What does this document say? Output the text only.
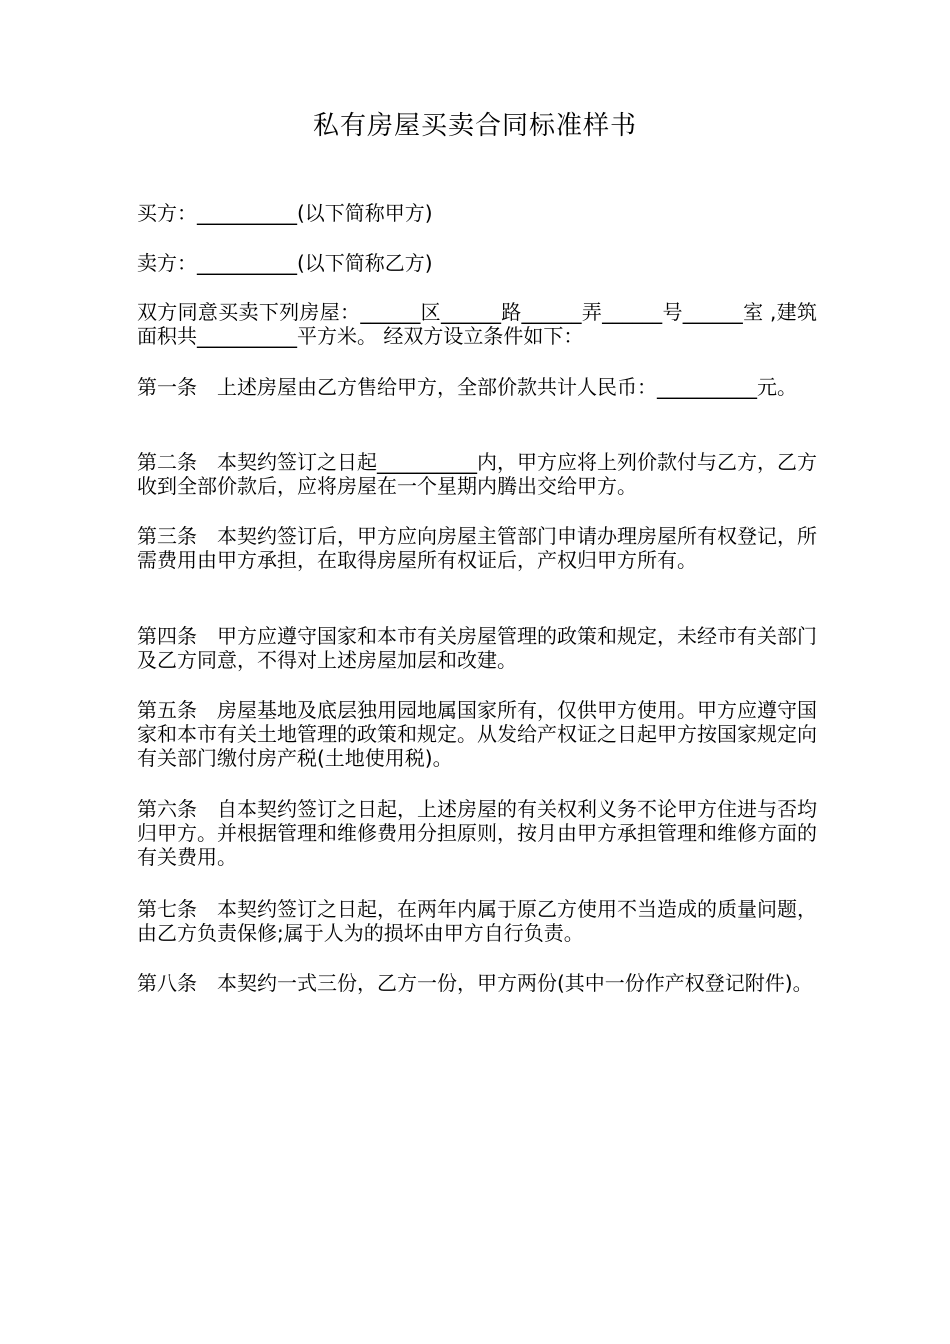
私有房屋买卖合同标准样书

买方：__________(以下简称甲方)

卖方：__________(以下简称乙方)

双方同意买卖下列房屋：______区______路______弄______号______室 ,建筑面积共__________平方米。 经双方设立条件如下：

第一条　上述房屋由乙方售给甲方，全部价款共计人民币：__________元。

第二条　本契约签订之日起__________内，甲方应将上列价款付与乙方，乙方收到全部价款后，应将房屋在一个星期内腾出交给甲方。

第三条　本契约签订后，甲方应向房屋主管部门申请办理房屋所有权登记，所需费用由甲方承担，在取得房屋所有权证后，产权归甲方所有。

第四条　甲方应遵守国家和本市有关房屋管理的政策和规定，未经市有关部门及乙方同意，不得对上述房屋加层和改建。

第五条　房屋基地及底层独用园地属国家所有，仅供甲方使用。甲方应遵守国家和本市有关土地管理的政策和规定。从发给产权证之日起甲方按国家规定向有关部门缴付房产税(土地使用税)。

第六条　自本契约签订之日起，上述房屋的有关权利义务不论甲方住进与否均归甲方。并根据管理和维修费用分担原则，按月由甲方承担管理和维修方面的有关费用。

第七条　本契约签订之日起，在两年内属于原乙方使用不当造成的质量问题，由乙方负责保修;属于人为的损坏由甲方自行负责。

第八条　本契约一式三份，乙方一份，甲方两份(其中一份作产权登记附件)。
